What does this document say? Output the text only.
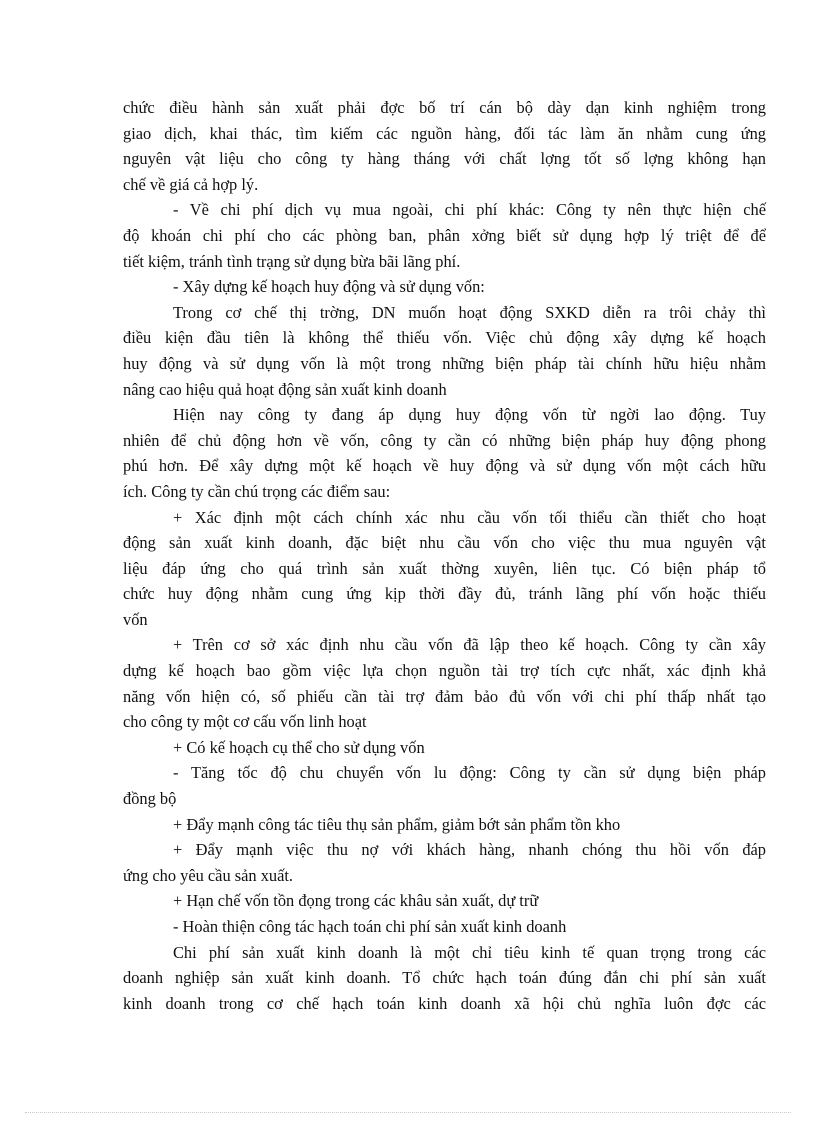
chức điều hành sản xuất phải đợc bố trí cán bộ dày dạn kinh nghiệm trong
giao dịch, khai thác, tìm kiếm các nguồn hàng, đối tác làm ăn nhằm cung ứng
nguyên vật liệu cho công ty hàng tháng với chất lợng tốt số lợng không hạn
chế về giá cả hợp lý.
- Về chi phí dịch vụ mua ngoài, chi phí khác: Công ty nên thực hiện chế
độ khoán chi phí cho các phòng ban, phân xởng biết sử dụng hợp lý triệt để để
tiết kiệm, tránh tình trạng sử dụng bừa bãi lãng phí.
- Xây dựng kế hoạch huy động và sử dụng vốn:
Trong cơ chế thị trờng, DN muốn hoạt động SXKD diễn ra trôi chảy thì
điều kiện đầu tiên là không thể thiếu vốn. Việc chủ động xây dựng kế hoạch
huy động và sử dụng vốn là một trong những biện pháp tài chính hữu hiệu nhằm
nâng cao hiệu quả hoạt động sản xuất kinh doanh
Hiện nay công ty đang áp dụng huy động vốn từ ngời lao động. Tuy
nhiên để chủ động hơn về vốn, công ty cần có những biện pháp huy động phong
phú hơn. Để xây dựng một kế hoạch về huy động và sử dụng vốn một cách hữu
ích. Công ty cần chú trọng các điểm sau:
+ Xác định một cách chính xác nhu cầu vốn tối thiểu cần thiết cho hoạt
động sản xuất kinh doanh, đặc biệt nhu cầu vốn cho việc thu mua nguyên vật
liệu đáp ứng cho quá trình sản xuất thờng xuyên, liên tục. Có biện pháp tổ
chức huy động nhằm cung ứng kịp thời đầy đủ, tránh lãng phí vốn hoặc thiếu
vốn
+ Trên cơ sở xác định nhu cầu vốn đã lập theo kế hoạch. Công ty cần xây
dựng kế hoạch bao gồm việc lựa chọn nguồn tài trợ tích cực nhất, xác định khả
năng vốn hiện có, số phiếu cần tài trợ đảm bảo đủ vốn với chi phí thấp nhất tạo
cho công ty một cơ cấu vốn linh hoạt
+ Có kế hoạch cụ thể cho sử dụng vốn
- Tăng tốc độ chu chuyển vốn lu động: Công ty cần sử dụng biện pháp
đồng bộ
+ Đẩy mạnh công tác tiêu thụ sản phẩm, giảm bớt sản phẩm tồn kho
+ Đẩy mạnh việc thu nợ với khách hàng, nhanh chóng thu hồi vốn đáp
ứng cho yêu cầu sản xuất.
+ Hạn chế vốn tồn đọng trong các khâu sản xuất, dự trữ
- Hoàn thiện công tác hạch toán chi phí sản xuất kinh doanh
Chi phí sản xuất kinh doanh là một chỉ tiêu kinh tế quan trọng trong các
doanh nghiệp sản xuất kinh doanh. Tổ chức hạch toán đúng đắn chi phí sản xuất
kinh doanh trong cơ chế hạch toán kinh doanh xã hội chủ nghĩa luôn đợc các
